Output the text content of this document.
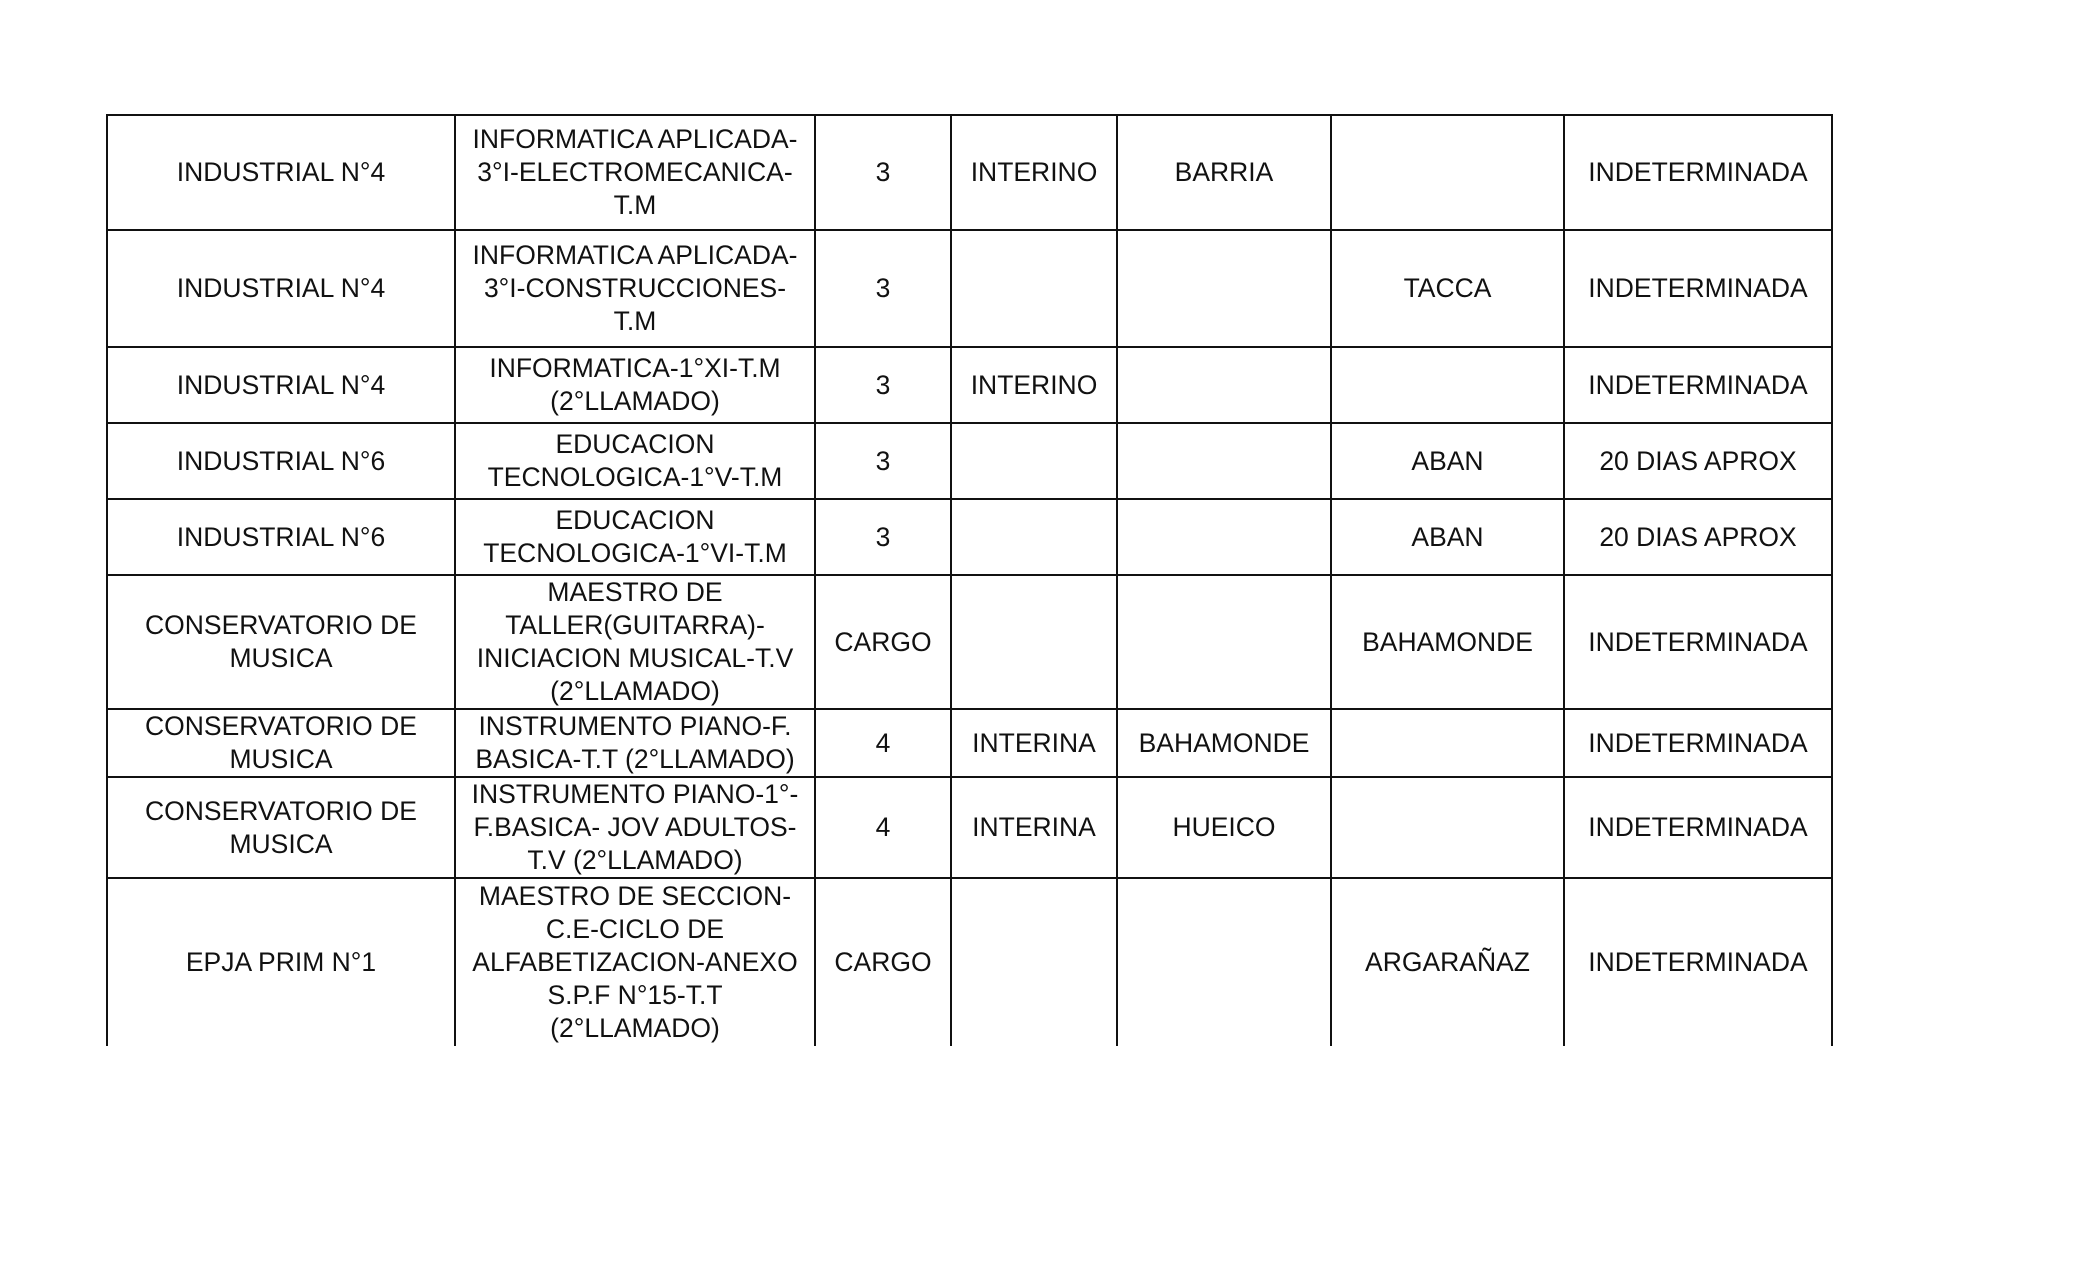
INDUSTRIAL N°4	INFORMATICA APLICADA-
3°I-ELECTROMECANICA-
T.M	3	INTERINO	BARRIA		INDETERMINADA
INDUSTRIAL N°4	INFORMATICA APLICADA-
3°I-CONSTRUCCIONES-
T.M	3			TACCA	INDETERMINADA
INDUSTRIAL N°4	INFORMATICA-1°XI-T.M
(2°LLAMADO)	3	INTERINO			INDETERMINADA
INDUSTRIAL N°6	EDUCACION
TECNOLOGICA-1°V-T.M	3			ABAN	20 DIAS APROX
INDUSTRIAL N°6	EDUCACION
TECNOLOGICA-1°VI-T.M	3			ABAN	20 DIAS APROX
CONSERVATORIO DE
MUSICA	MAESTRO DE
TALLER(GUITARRA)-
INICIACION MUSICAL-T.V
(2°LLAMADO)	CARGO			BAHAMONDE	INDETERMINADA
CONSERVATORIO DE
MUSICA	INSTRUMENTO PIANO-F.
BASICA-T.T (2°LLAMADO)	4	INTERINA	BAHAMONDE		INDETERMINADA
CONSERVATORIO DE
MUSICA	INSTRUMENTO PIANO-1°-
F.BASICA- JOV ADULTOS-
T.V (2°LLAMADO)	4	INTERINA	HUEICO		INDETERMINADA
EPJA PRIM N°1	MAESTRO DE SECCION-
C.E-CICLO DE
ALFABETIZACION-ANEXO
S.P.F N°15-T.T
(2°LLAMADO)	CARGO			ARGARAÑAZ	INDETERMINADA
